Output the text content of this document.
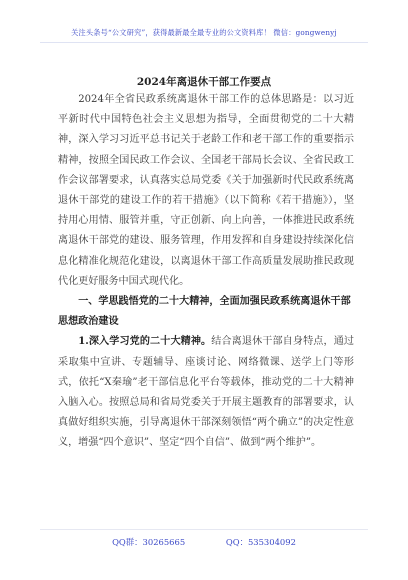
关注头条号“公文研究”，获得最新最全最专业的公文资料库！ 微信：gongwenyj
2024年离退休干部工作要点

2024年全省民政系统离退休干部工作的总体思路是：以习近平新时代中国特色社会主义思想为指导，全面贯彻党的二十大精神，深入学习习近平总书记关于老龄工作和老干部工作的重要指示精神，按照全国民政工作会议、全国老干部局长会议、全省民政工作会议部署要求，认真落实总局党委《关于加强新时代民政系统离退休干部党的建设工作的若干措施》（以下简称《若干措施》），坚持用心用情、服管并重，守正创新、向上向善，一体推进民政系统离退休干部党的建设、服务管理，作用发挥和自身建设持续深化信息化精准化规范化建设，以离退休干部工作高质量发展助推民政现代化更好服务中国式现代化。

一、学思践悟党的二十大精神，全面加强民政系统离退休干部思想政治建设

1.深入学习党的二十大精神。结合离退休干部自身特点，通过采取集中宣讲、专题辅导、座谈讨论、网络微课、送学上门等形式，依托“X秦瑜”老干部信息化平台等载体，推动党的二十大精神入脑入心。按照总局和省局党委关于开展主题教育的部署要求，认真做好组织实施，引导离退休干部深刻领悟“两个确立”的决定性意义，增强“四个意识”、坚定“四个自信”、做到“两个维护”。

QQ群：30265665	QQ：535304092
